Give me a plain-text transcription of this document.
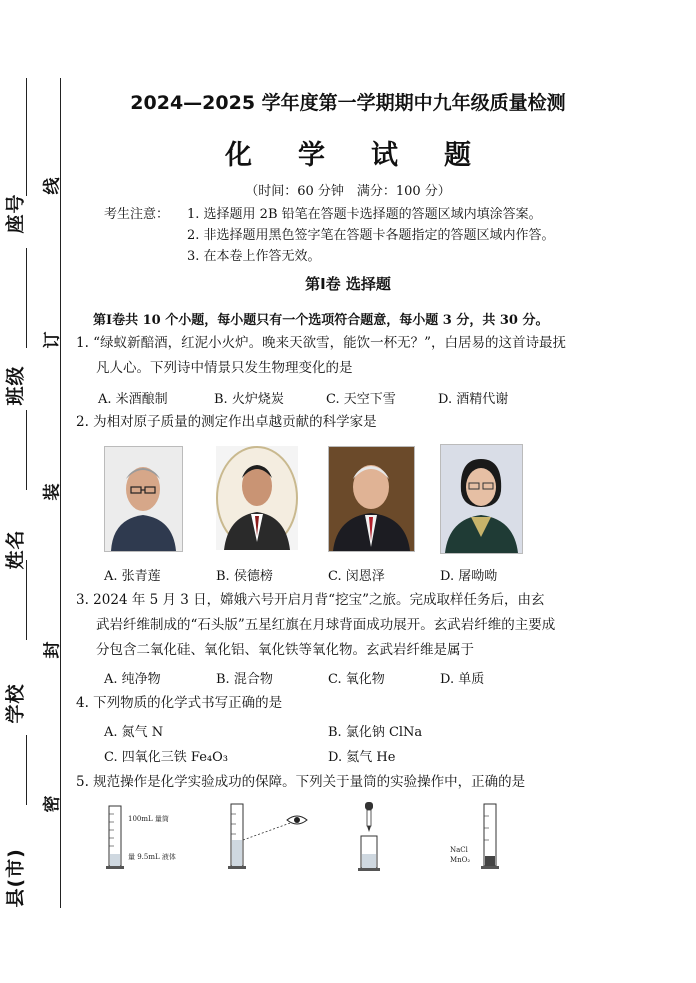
座号
班级
姓名
学校
县(市)
线
订
装
封
密
2024—2025 学年度第一学期期中九年级质量检测
化学试题
（时间：60 分钟　满分：100 分）
考生注意： 1. 选择题用 2B 铅笔在答题卡选择题的答题区域内填涂答案。
2. 非选择题用黑色签字笔在答题卡各题指定的答题区域内作答。
3. 在本卷上作答无效。
第Ⅰ卷 选择题
第Ⅰ卷共 10 个小题，每小题只有一个选项符合题意，每小题 3 分，共 30 分。
1. “绿蚁新醅酒，红泥小火炉。晚来天欲雪，能饮一杯无？”，白居易的这首诗最抚
凡人心。下列诗中情景只发生物理变化的是
A. 米酒酿制	B. 火炉烧炭	C. 天空下雪	D. 酒精代谢
2. 为相对原子质量的测定作出卓越贡献的科学家是
A. 张青莲	B. 侯德榜	C. 闵恩泽	D. 屠呦呦
3. 2024 年 5 月 3 日，嫦娥六号开启月背“挖宝”之旅。完成取样任务后，由玄
武岩纤维制成的“石头版”五星红旗在月球背面成功展开。玄武岩纤维的主要成
分包含二氧化硅、氧化铝、氧化铁等氧化物。玄武岩纤维是属于
A. 纯净物	B. 混合物	C. 氧化物	D. 单质
4. 下列物质的化学式书写正确的是
A. 氮气 N	B. 氯化钠 ClNa
C. 四氧化三铁 Fe₄O₃	D. 氦气 He
5. 规范操作是化学实验成功的保障。下列关于量筒的实验操作中，正确的是
100mL 量筒
量 9.5mL 液体
NaCl
MnO₂
